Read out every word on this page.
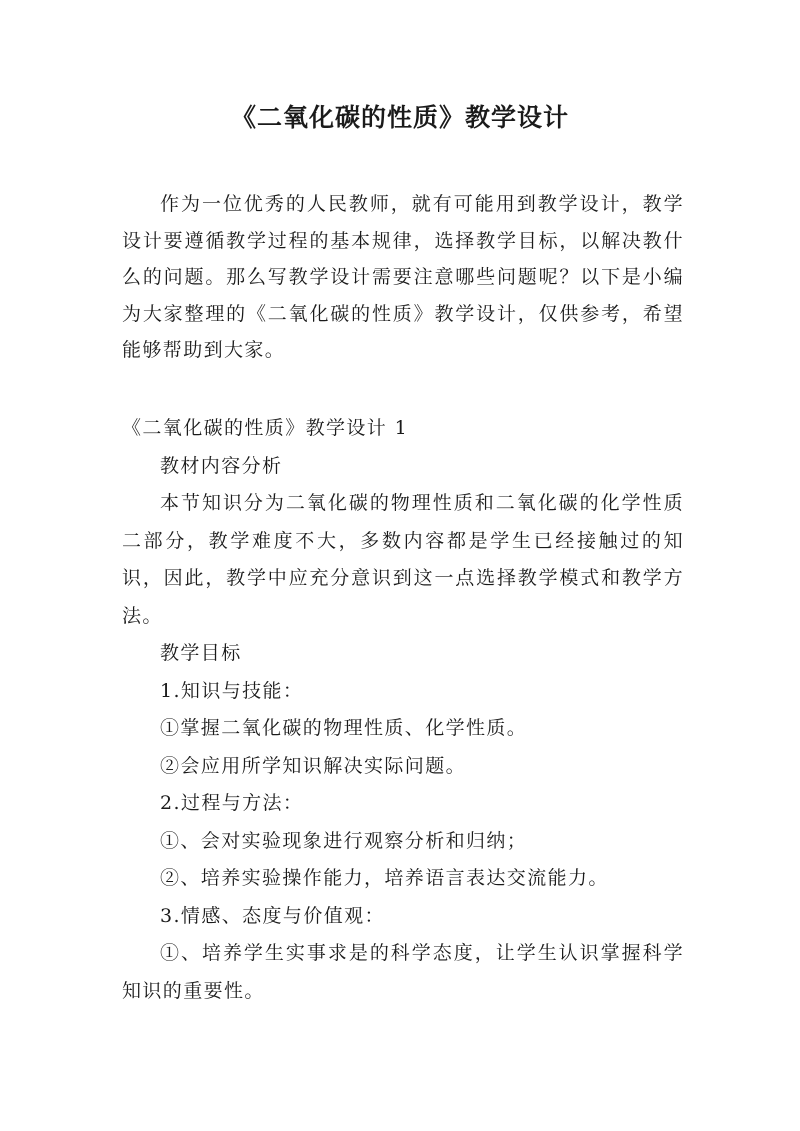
《二氧化碳的性质》教学设计

作为一位优秀的人民教师，就有可能用到教学设计，教学设计要遵循教学过程的基本规律，选择教学目标，以解决教什么的问题。那么写教学设计需要注意哪些问题呢？以下是小编为大家整理的《二氧化碳的性质》教学设计，仅供参考，希望能够帮助到大家。

《二氧化碳的性质》教学设计 1

教材内容分析

本节知识分为二氧化碳的物理性质和二氧化碳的化学性质二部分，教学难度不大，多数内容都是学生已经接触过的知识，因此，教学中应充分意识到这一点选择教学模式和教学方法。

教学目标

1.知识与技能：

①掌握二氧化碳的物理性质、化学性质。

②会应用所学知识解决实际问题。

2.过程与方法：

①、会对实验现象进行观察分析和归纳；

②、培养实验操作能力，培养语言表达交流能力。

3.情感、态度与价值观：

①、培养学生实事求是的科学态度，让学生认识掌握科学知识的重要性。
